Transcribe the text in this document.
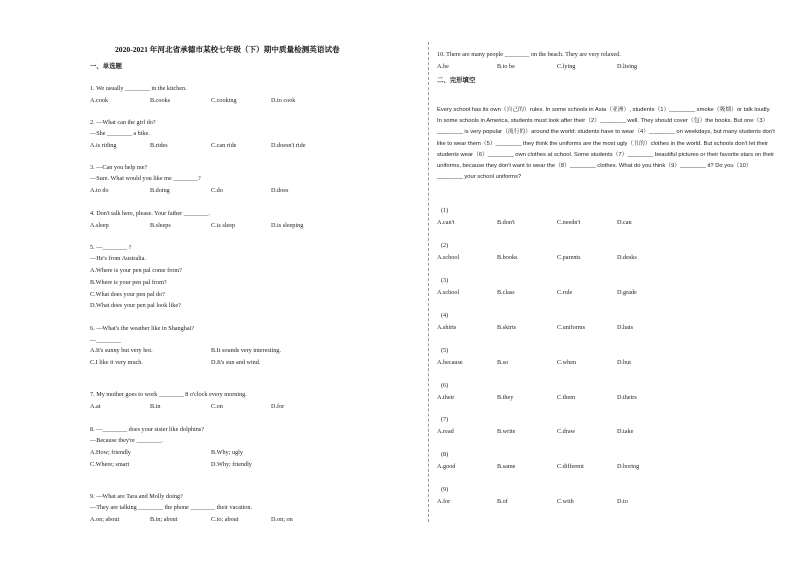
2020-2021 年河北省承德市某校七年级（下）期中质量检测英语试卷
一、单选题
1. We usually ________ in the kitchen.
A.cook	B.cooks	C.cooking	D.to cook
2. —What can the girl do?
—She ________ a bike.
A.is riding	B.rides	C.can ride	D.doesn't ride
3. —Can you help me?
—Sure. What would you like me ________?
A.to do	B.doing	C.do	D.does
4. Don't talk here, please. Your father ________.
A.sleep	B.sleeps	C.is sleep	D.is sleeping
5. —________ ?
—He's from Australia.
A.Where is your pen pal come from?
B.Where is your pen pal from?
C.What does your pen pal do?
D.What does your pen pal look like?
6. —What's the weather like in Shanghai?
—________
A.It's sunny but very hot.	B.It sounds very interesting.
C.I like it very much.	D.It's sun and wind.
7. My mother goes to work ________ 8 o'clock every morning.
A.at	B.in	C.on	D.for
8. —________ does your sister like dolphins?
—Because they're ________.
A.How; friendly	B.Why; ugly
C.Where; smart	D.Why; friendly
9. —What are Tara and Molly doing?
—They are talking ________ the phone ________ their vacation.
A.on; about	B.in; about	C.to; about	D.on; on
10. There are many people ________ on the beach. They are very relaxed.
A.be	B.to be	C.lying	D.lieing
二、完形填空
Every school has its own（自己的）rules. In some schools in Asia（亚洲）, students（1）________ smoke（吸烟）or talk loudly. In some schools in America, students must look after their（2）________ well. They should cover（包）the books. But one（3）________ is very popular（流行的）around the world: students have to wear（4）________ on weekdays, but many students don't like to wear them（5）________ they think the uniforms are the most ugly（丑的）clothes in the world. But schools don't let their students wear（6）________ own clothes at school. Some students（7）________ beautiful pictures or their favorite stars on their uniforms, because they don't want to wear the（8）________ clothes. What do you think（9）________ it? Do you（10）________ your school uniforms?
(1)
A.can't	B.don't	C.needn't	D.can
(2)
A.school	B.books	C.parents	D.desks
(3)
A.school	B.class	C.rule	D.grade
(4)
A.shirts	B.skirts	C.uniforms	D.hats
(5)
A.because	B.so	C.when	D.but
(6)
A.their	B.they	C.them	D.theirs
(7)
A.read	B.write	C.draw	D.take
(8)
A.good	B.same	C.different	D.boring
(9)
A.for	B.of	C.with	D.to
